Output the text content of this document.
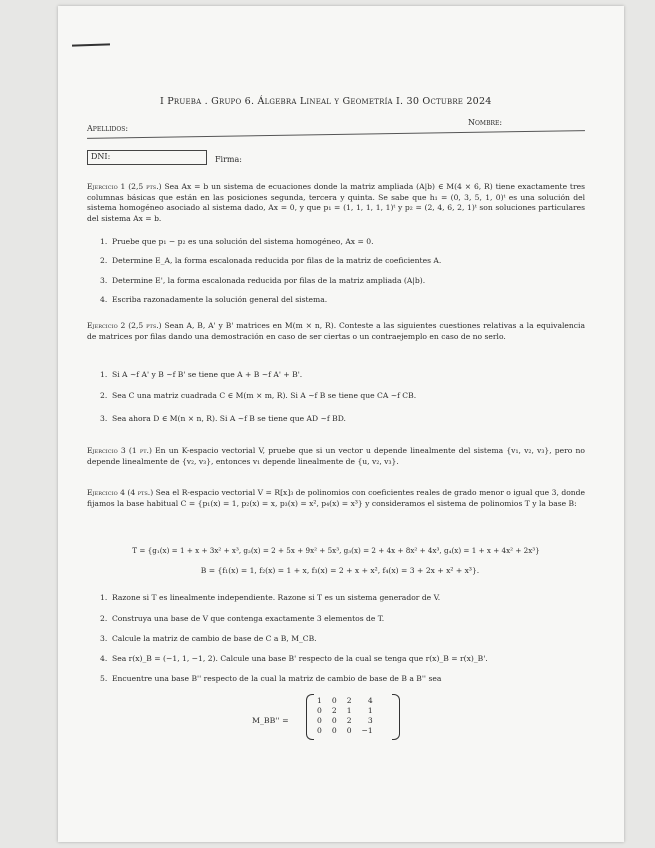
I Prueba . Grupo 6. Álgebra Lineal y Geometría I. 30 Octubre 2024
Apellidos:
Nombre:
DNI:	Firma:
Ejercicio 1 (2,5 pts.) Sea Ax = b un sistema de ecuaciones donde la matriz ampliada (A|b) ∈ M(4 × 6, R) tiene exactamente tres columnas básicas que están en las posiciones segunda, tercera y quinta. Se sabe que h₁ = (0, 3, 5, 1, 0)ᵗ es una solución del sistema homogéneo asociado al sistema dado, Ax = 0, y que p₁ = (1, 1, 1, 1, 1)ᵗ y p₂ = (2, 4, 6, 2, 1)ᵗ son soluciones particulares del sistema Ax = b.
1. Pruebe que p₁ − p₂ es una solución del sistema homogéneo, Ax = 0.
2. Determine E_A, la forma escalonada reducida por filas de la matriz de coeficientes A.
3. Determine E', la forma escalonada reducida por filas de la matriz ampliada (A|b).
4. Escriba razonadamente la solución general del sistema.
Ejercicio 2 (2,5 pts.) Sean A, B, A' y B' matrices en M(m × n, R). Conteste a las siguientes cuestiones relativas a la equivalencia de matrices por filas dando una demostración en caso de ser ciertas o un contraejemplo en caso de no serlo.
1. Si A ~f A' y B ~f B' se tiene que A + B ~f A' + B'.
2. Sea C una matriz cuadrada C ∈ M(m × m, R). Si A ~f B se tiene que CA ~f CB.
3. Sea ahora D ∈ M(n × n, R). Si A ~f B se tiene que AD ~f BD.
Ejercicio 3 (1 pt.) En un K-espacio vectorial V, pruebe que si un vector u depende linealmente del sistema {v₁, v₂, v₃}, pero no depende linealmente de {v₂, v₃}, entonces v₁ depende linealmente de {u, v₂, v₃}.
Ejercicio 4 (4 pts.) Sea el R-espacio vectorial V = R[x]₃ de polinomios con coeficientes reales de grado menor o igual que 3, donde fijamos la base habitual C = {p₁(x) = 1, p₂(x) = x, p₃(x) = x², p₄(x) = x³} y consideramos el sistema de polinomios T y la base B:
T = {g₁(x) = 1 + x + 3x² + x³, g₂(x) = 2 + 5x + 9x² + 5x³, g₃(x) = 2 + 4x + 8x² + 4x³, g₄(x) = 1 + x + 4x² + 2x³}
B = {f₁(x) = 1, f₂(x) = 1 + x, f₃(x) = 2 + x + x², f₄(x) = 3 + 2x + x² + x³}.
1. Razone si T es linealmente independiente. Razone si T es un sistema generador de V.
2. Construya una base de V que contenga exactamente 3 elementos de T.
3. Calcule la matriz de cambio de base de C a B, M_CB.
4. Sea r(x)_B = (−1, 1, −1, 2). Calcule una base B' respecto de la cual se tenga que r(x)_B = r(x)_B'.
5. Encuentre una base B'' respecto de la cual la matriz de cambio de base de B a B'' sea
M_BB'' =
1	0	2	4
0	2	1	1
0	0	2	3
0	0	0	−1
